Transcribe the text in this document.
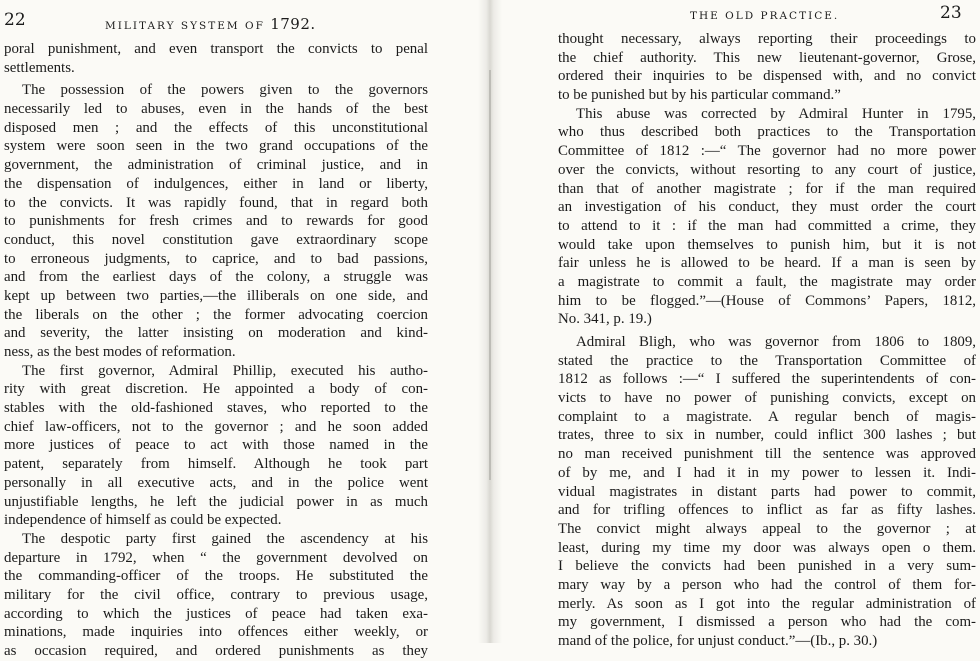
22	MILITARY SYSTEM OF 1792.
poral punishment, and even transport the convicts to penal
settlements.
The possession of the powers given to the governors
necessarily led to abuses, even in the hands of the best
disposed men ; and the effects of this unconstitutional
system were soon seen in the two grand occupations of the
government, the administration of criminal justice, and in
the dispensation of indulgences, either in land or liberty,
to the convicts. It was rapidly found, that in regard both
to punishments for fresh crimes and to rewards for good
conduct, this novel constitution gave extraordinary scope
to erroneous judgments, to caprice, and to bad passions,
and from the earliest days of the colony, a struggle was
kept up between two parties,—the illiberals on one side, and
the liberals on the other ; the former advocating coercion
and severity, the latter insisting on moderation and kind-
ness, as the best modes of reformation.
The first governor, Admiral Phillip, executed his autho-
rity with great discretion. He appointed a body of con-
stables with the old-fashioned staves, who reported to the
chief law-officers, not to the governor ; and he soon added
more justices of peace to act with those named in the
patent, separately from himself. Although he took part
personally in all executive acts, and in the police went
unjustifiable lengths, he left the judicial power in as much
independence of himself as could be expected.
The despotic party first gained the ascendency at his
departure in 1792, when “ the government devolved on
the commanding-officer of the troops. He substituted the
military for the civil office, contrary to previous usage,
according to which the justices of peace had taken exa-
minations, made inquiries into offences either weekly, or
as occasion required, and ordered punishments as they
THE OLD PRACTICE.	23
thought necessary, always reporting their proceedings to
the chief authority. This new lieutenant-governor, Grose,
ordered their inquiries to be dispensed with, and no convict
to be punished but by his particular command.”
This abuse was corrected by Admiral Hunter in 1795,
who thus described both practices to the Transportation
Committee of 1812 :—“ The governor had no more power
over the convicts, without resorting to any court of justice,
than that of another magistrate ; for if the man required
an investigation of his conduct, they must order the court
to attend to it : if the man had committed a crime, they
would take upon themselves to punish him, but it is not
fair unless he is allowed to be heard. If a man is seen by
a magistrate to commit a fault, the magistrate may order
him to be flogged.”—(House of Commons’ Papers, 1812,
No. 341, p. 19.)
Admiral Bligh, who was governor from 1806 to 1809,
stated the practice to the Transportation Committee of
1812 as follows :—“ I suffered the superintendents of con-
victs to have no power of punishing convicts, except on
complaint to a magistrate. A regular bench of magis-
trates, three to six in number, could inflict 300 lashes ; but
no man received punishment till the sentence was approved
of by me, and I had it in my power to lessen it. Indi-
vidual magistrates in distant parts had power to commit,
and for trifling offences to inflict as far as fifty lashes.
The convict might always appeal to the governor ; at
least, during my time my door was always open o them.
I believe the convicts had been punished in a very sum-
mary way by a person who had the control of them for-
merly. As soon as I got into the regular administration of
my government, I dismissed a person who had the com-
mand of the police, for unjust conduct.”—(Ib., p. 30.)
